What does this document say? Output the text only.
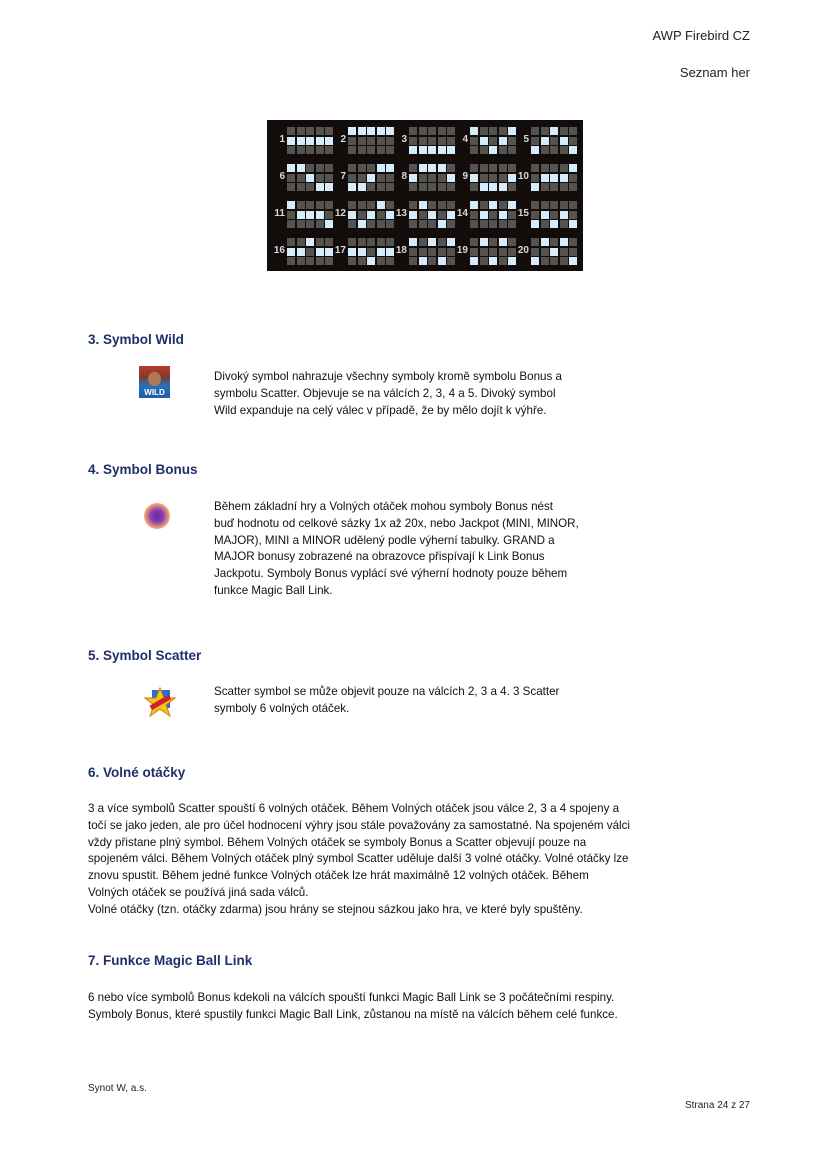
AWP Firebird CZ
Seznam her
1	2	3	4	5
6	7	8	9	10
11	12	13	14	15
16	17	18	19	20
3. Symbol Wild
WILD
Divoký symbol nahrazuje všechny symboly kromě symbolu Bonus a
symbolu Scatter. Objevuje se na válcích 2, 3, 4 a 5. Divoký symbol
Wild expanduje na celý válec v případě, že by mělo dojít k výhře.
4. Symbol Bonus
Během základní hry a Volných otáček mohou symboly Bonus nést
buď hodnotu od celkové sázky 1x až 20x, nebo Jackpot (MINI, MINOR,
MAJOR), MINI a MINOR udělený podle výherní tabulky. GRAND a
MAJOR bonusy zobrazené na obrazovce přispívají k Link Bonus
Jackpotu. Symboly Bonus vyplácí své výherní hodnoty pouze během
funkce Magic Ball Link.
5. Symbol Scatter
Scatter symbol se může objevit pouze na válcích 2, 3 a 4. 3 Scatter
symboly 6 volných otáček.
6. Volné otáčky
3 a více symbolů Scatter spouští 6 volných otáček. Během Volných otáček jsou válce 2, 3 a 4 spojeny a
točí se jako jeden, ale pro účel hodnocení výhry jsou stále považovány za samostatné. Na spojeném válci
vždy přistane plný symbol. Během Volných otáček se symboly Bonus a Scatter objevují pouze na
spojeném válci. Během Volných otáček plný symbol Scatter uděluje další 3 volné otáčky. Volné otáčky lze
znovu spustit. Během jedné funkce Volných otáček lze hrát maximálně 12 volných otáček. Během
Volných otáček se používá jiná sada válců.
Volné otáčky (tzn. otáčky zdarma) jsou hrány se stejnou sázkou jako hra, ve které byly spuštěny.
7. Funkce Magic Ball Link
6 nebo více symbolů Bonus kdekoli na válcích spouští funkci Magic Ball Link se 3 počátečními respiny.
Symboly Bonus, které spustily funkci Magic Ball Link, zůstanou na místě na válcích během celé funkce.
Synot W, a.s.
Strana 24 z 27
